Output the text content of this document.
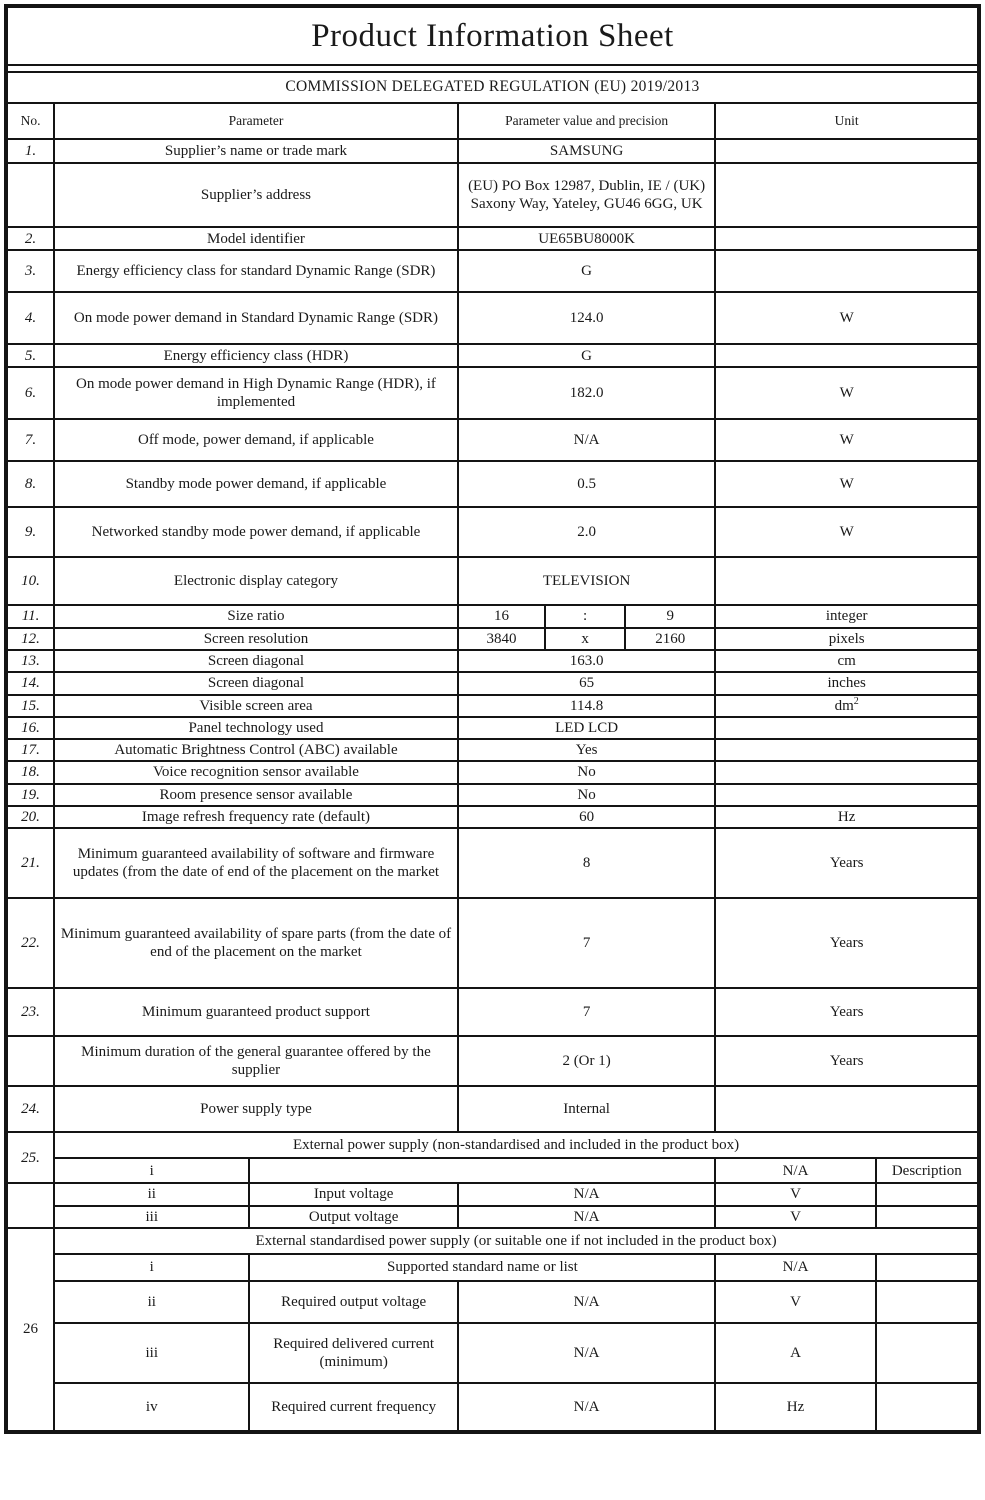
Product Information Sheet							

COMMISSION DELEGATED REGULATION (EU) 2019/2013							
No.	Parameter		Parameter value and precision			Unit	
1.	Supplier’s name or trade mark		SAMSUNG				
	Supplier’s address		(EU) PO Box 12987, Dublin, IE / (UK) Saxony Way, Yateley, GU46 6GG, UK				
2.	Model identifier		UE65BU8000K				
3.	Energy efficiency class for standard Dynamic Range (SDR)		G				
4.	On mode power demand in Standard Dynamic Range (SDR)		124.0			W	
5.	Energy efficiency class (HDR)		G				
6.	On mode power demand in High Dynamic Range (HDR), if implemented		182.0			W	
7.	Off mode, power demand, if applicable		N/A			W	
8.	Standby mode power demand, if applicable		0.5			W	
9.	Networked standby mode power demand, if applicable		2.0			W	
10.	Electronic display category		TELEVISION				
11.	Size ratio		16	:	9	integer	
12.	Screen resolution		3840	x	2160	pixels	
13.	Screen diagonal		163.0			cm	
14.	Screen diagonal		65			inches	
15.	Visible screen area		114.8			$dm^2$
16.	Panel technology used		LED LCD				
17.	Automatic Brightness Control (ABC) available		Yes				
18.	Voice recognition sensor available		No				
19.	Room presence sensor available		No				
20.	Image refresh frequency rate (default)		60			Hz	
21.	Minimum guaranteed availability of software and firmware updates (from the date of end of the placement on the market		8			Years	
22.	Minimum guaranteed availability of spare parts (from the date of end of the placement on the market		7			Years	
23.	Minimum guaranteed product support		7			Years	
	Minimum duration of the general guarantee offered by the supplier		2 (Or 1)			Years	
24.	Power supply type		Internal				
25.	External power supply (non-standardised and included in the product box)						
	i					N/A	Description
	ii	Input voltage	N/A			V	
	iii	Output voltage	N/A			V	
26	External standardised power supply (or suitable one if not included in the product box)						
	i	Supported standard name or list				N/A	
	ii	Required output voltage	N/A			V	
	iii	Required delivered current (minimum)	N/A			A	
	iv	Required current frequency	N/A			Hz	
